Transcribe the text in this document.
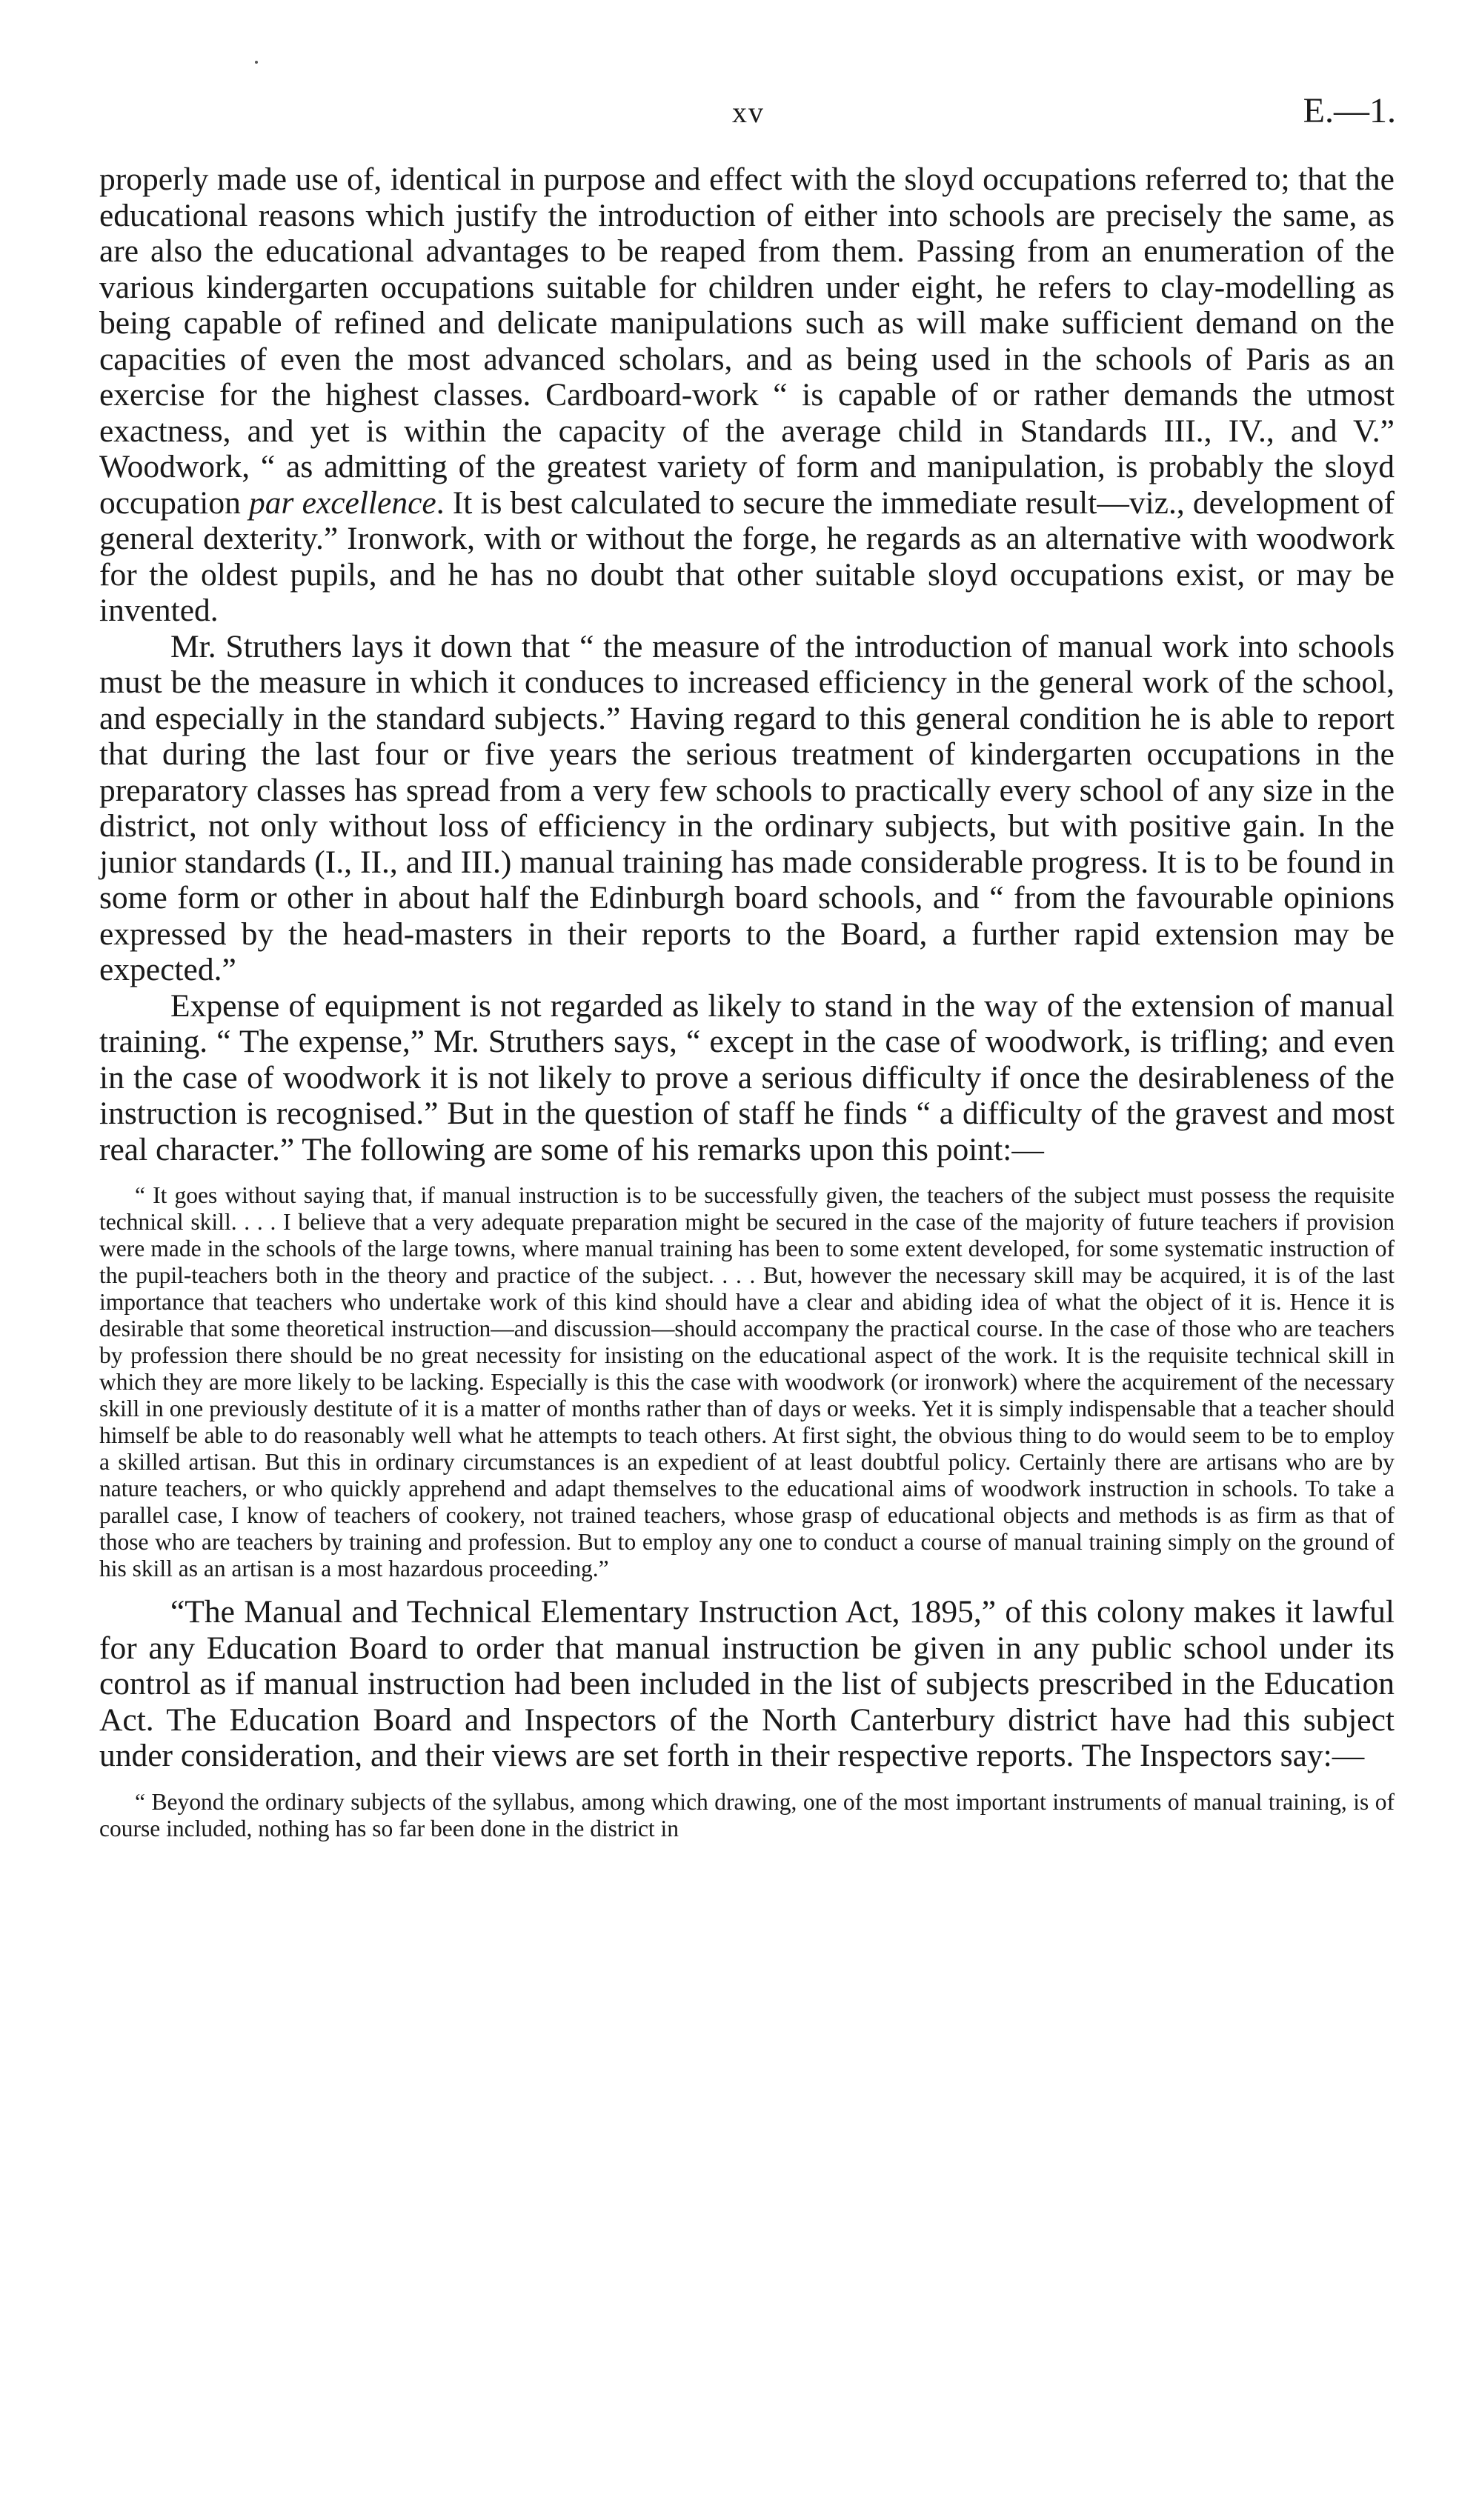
xv	E.—1.

properly made use of, identical in purpose and effect with the sloyd occupations referred to; that the educational reasons which justify the introduction of either into schools are precisely the same, as are also the educational advantages to be reaped from them. Passing from an enumeration of the various kindergarten occupations suitable for children under eight, he refers to clay-modelling as being capable of refined and delicate manipulations such as will make sufficient demand on the capacities of even the most advanced scholars, and as being used in the schools of Paris as an exercise for the highest classes. Cardboard-work “ is capable of or rather demands the utmost exactness, and yet is within the capacity of the average child in Standards III., IV., and V.” Woodwork, “ as admitting of the greatest variety of form and manipulation, is probably the sloyd occupation par excellence. It is best calculated to secure the immediate result—viz., development of general dexterity.” Ironwork, with or without the forge, he regards as an alternative with woodwork for the oldest pupils, and he has no doubt that other suitable sloyd occupations exist, or may be invented.

Mr. Struthers lays it down that “ the measure of the introduction of manual work into schools must be the measure in which it conduces to increased efficiency in the general work of the school, and especially in the standard subjects.” Having regard to this general condition he is able to report that during the last four or five years the serious treatment of kindergarten occupations in the preparatory classes has spread from a very few schools to practically every school of any size in the district, not only without loss of efficiency in the ordinary subjects, but with positive gain. In the junior standards (I., II., and III.) manual training has made considerable progress. It is to be found in some form or other in about half the Edinburgh board schools, and “ from the favourable opinions expressed by the head-masters in their reports to the Board, a further rapid extension may be expected.”

Expense of equipment is not regarded as likely to stand in the way of the extension of manual training. “ The expense,” Mr. Struthers says, “ except in the case of woodwork, is trifling; and even in the case of woodwork it is not likely to prove a serious difficulty if once the desirableness of the instruction is recognised.” But in the question of staff he finds “ a difficulty of the gravest and most real character.” The following are some of his remarks upon this point:—

“ It goes without saying that, if manual instruction is to be successfully given, the teachers of the subject must possess the requisite technical skill. . . . I believe that a very adequate preparation might be secured in the case of the majority of future teachers if provision were made in the schools of the large towns, where manual training has been to some extent developed, for some systematic instruction of the pupil-teachers both in the theory and practice of the subject. . . . But, however the necessary skill may be acquired, it is of the last importance that teachers who undertake work of this kind should have a clear and abiding idea of what the object of it is. Hence it is desirable that some theoretical instruction—and discussion—should accompany the practical course. In the case of those who are teachers by profession there should be no great necessity for insisting on the educational aspect of the work. It is the requisite technical skill in which they are more likely to be lacking. Especially is this the case with woodwork (or ironwork) where the acquirement of the necessary skill in one previously destitute of it is a matter of months rather than of days or weeks. Yet it is simply indispensable that a teacher should himself be able to do reasonably well what he attempts to teach others. At first sight, the obvious thing to do would seem to be to employ a skilled artisan. But this in ordinary circumstances is an expedient of at least doubtful policy. Certainly there are artisans who are by nature teachers, or who quickly apprehend and adapt themselves to the educational aims of woodwork instruction in schools. To take a parallel case, I know of teachers of cookery, not trained teachers, whose grasp of educational objects and methods is as firm as that of those who are teachers by training and profession. But to employ any one to conduct a course of manual training simply on the ground of his skill as an artisan is a most hazardous proceeding.”

“The Manual and Technical Elementary Instruction Act, 1895,” of this colony makes it lawful for any Education Board to order that manual instruction be given in any public school under its control as if manual instruction had been included in the list of subjects prescribed in the Education Act. The Education Board and Inspectors of the North Canterbury district have had this subject under consideration, and their views are set forth in their respective reports. The Inspectors say:—

“ Beyond the ordinary subjects of the syllabus, among which drawing, one of the most important instruments of manual training, is of course included, nothing has so far been done in the district in
